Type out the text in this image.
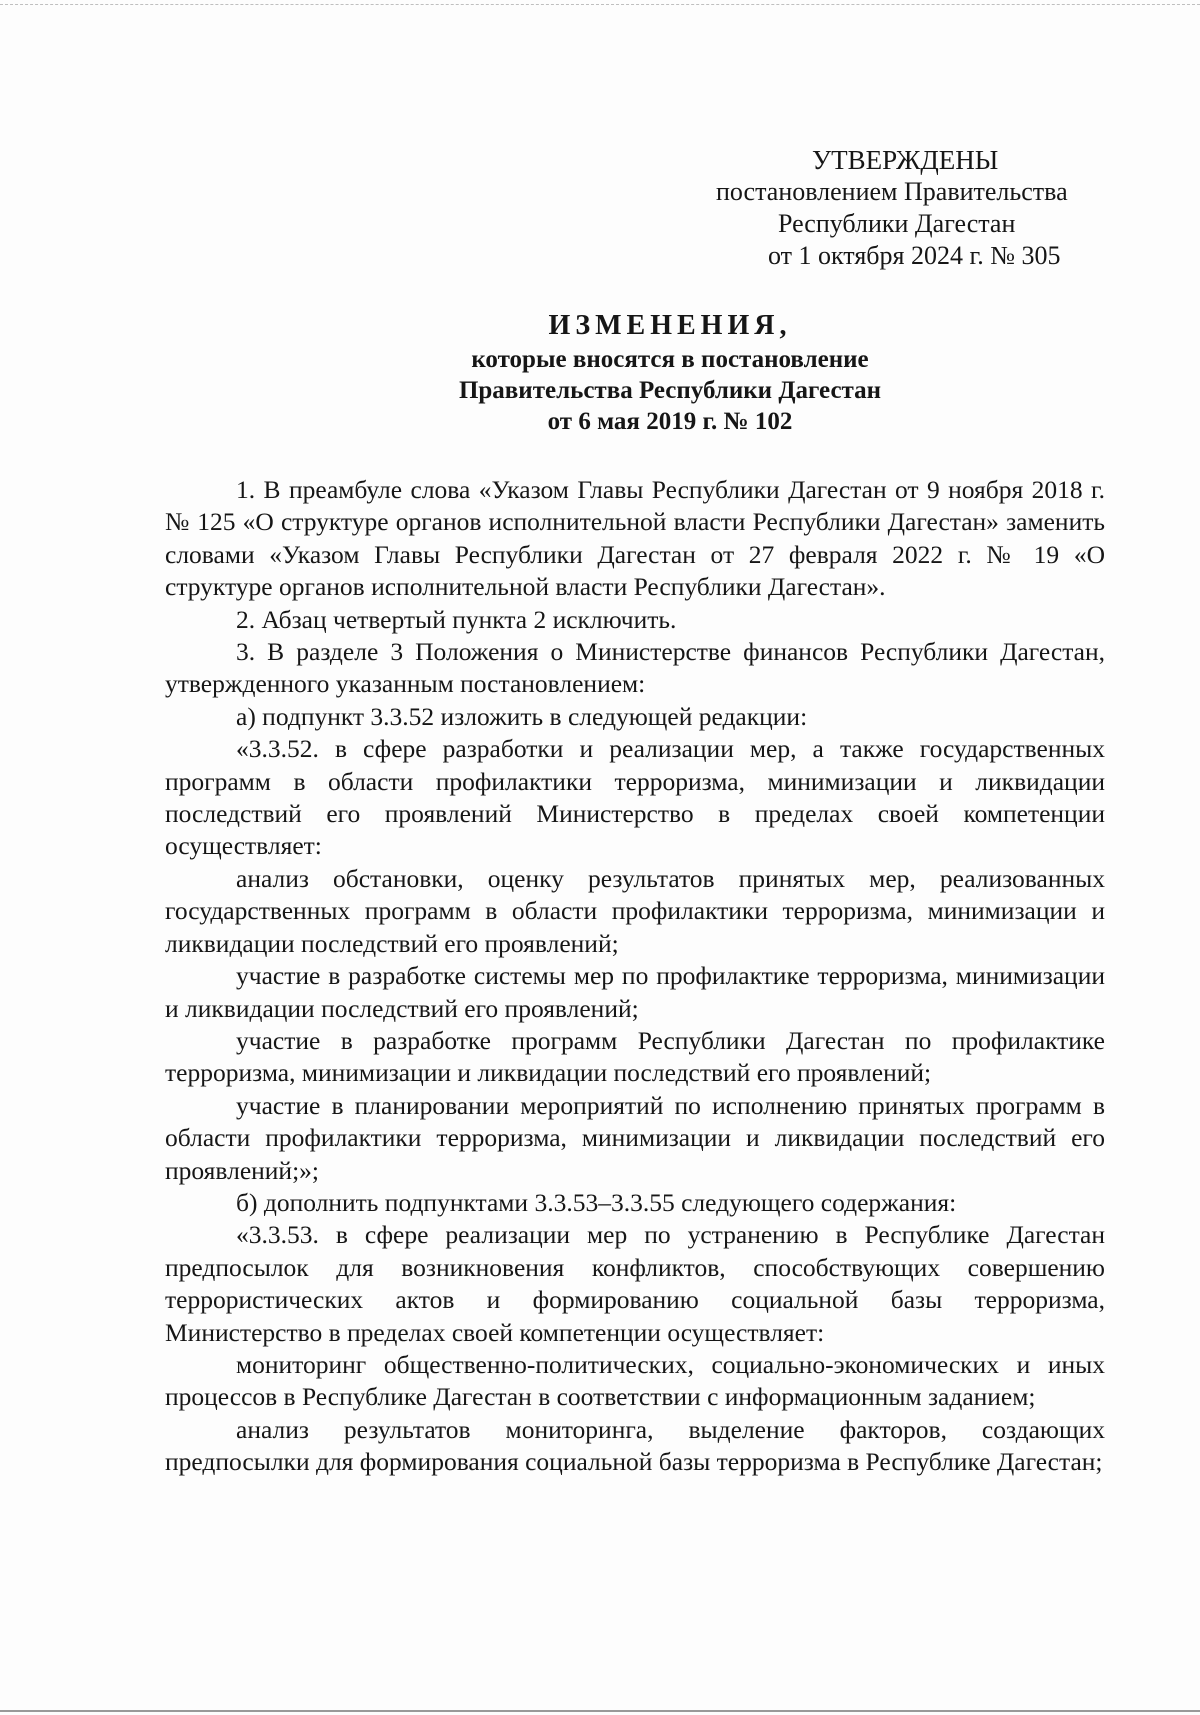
УТВЕРЖДЕНЫ
постановлением Правительства
Республики Дагестан
от 1 октября 2024 г. № 305
ИЗМЕНЕНИЯ,
которые вносятся в постановление
Правительства Республики Дагестан
от 6 мая 2019 г. № 102

1. В преамбуле слова «Указом Главы Республики Дагестан от 9 ноября 2018 г. № 125 «О структуре органов исполнительной власти Республики Дагестан» заменить словами «Указом Главы Республики Дагестан от 27 февраля 2022 г. № 19 «О структуре органов исполнительной власти Республики Дагестан».

2. Абзац четвертый пункта 2 исключить.

3. В разделе 3 Положения о Министерстве финансов Республики Дагестан, утвержденного указанным постановлением:

а) подпункт 3.3.52 изложить в следующей редакции:

«3.3.52. в сфере разработки и реализации мер, а также государственных программ в области профилактики терроризма, минимизации и ликвидации последствий его проявлений Министерство в пределах своей компетенции осуществляет:

анализ обстановки, оценку результатов принятых мер, реализованных государственных программ в области профилактики терроризма, минимизации и ликвидации последствий его проявлений;

участие в разработке системы мер по профилактике терроризма, минимизации и ликвидации последствий его проявлений;

участие в разработке программ Республики Дагестан по профилактике терроризма, минимизации и ликвидации последствий его проявлений;

участие в планировании мероприятий по исполнению принятых программ в области профилактики терроризма, минимизации и ликвидации последствий его проявлений;»;

б) дополнить подпунктами 3.3.53–3.3.55 следующего содержания:

«3.3.53. в сфере реализации мер по устранению в Республике Дагестан предпосылок для возникновения конфликтов, способствующих совершению террористических актов и формированию социальной базы терроризма, Министерство в пределах своей компетенции осуществляет:

мониторинг общественно-политических, социально-экономических и иных процессов в Республике Дагестан в соответствии с информационным заданием;

анализ результатов мониторинга, выделение факторов, создающих предпосылки для формирования социальной базы терроризма в Республике Дагестан;
